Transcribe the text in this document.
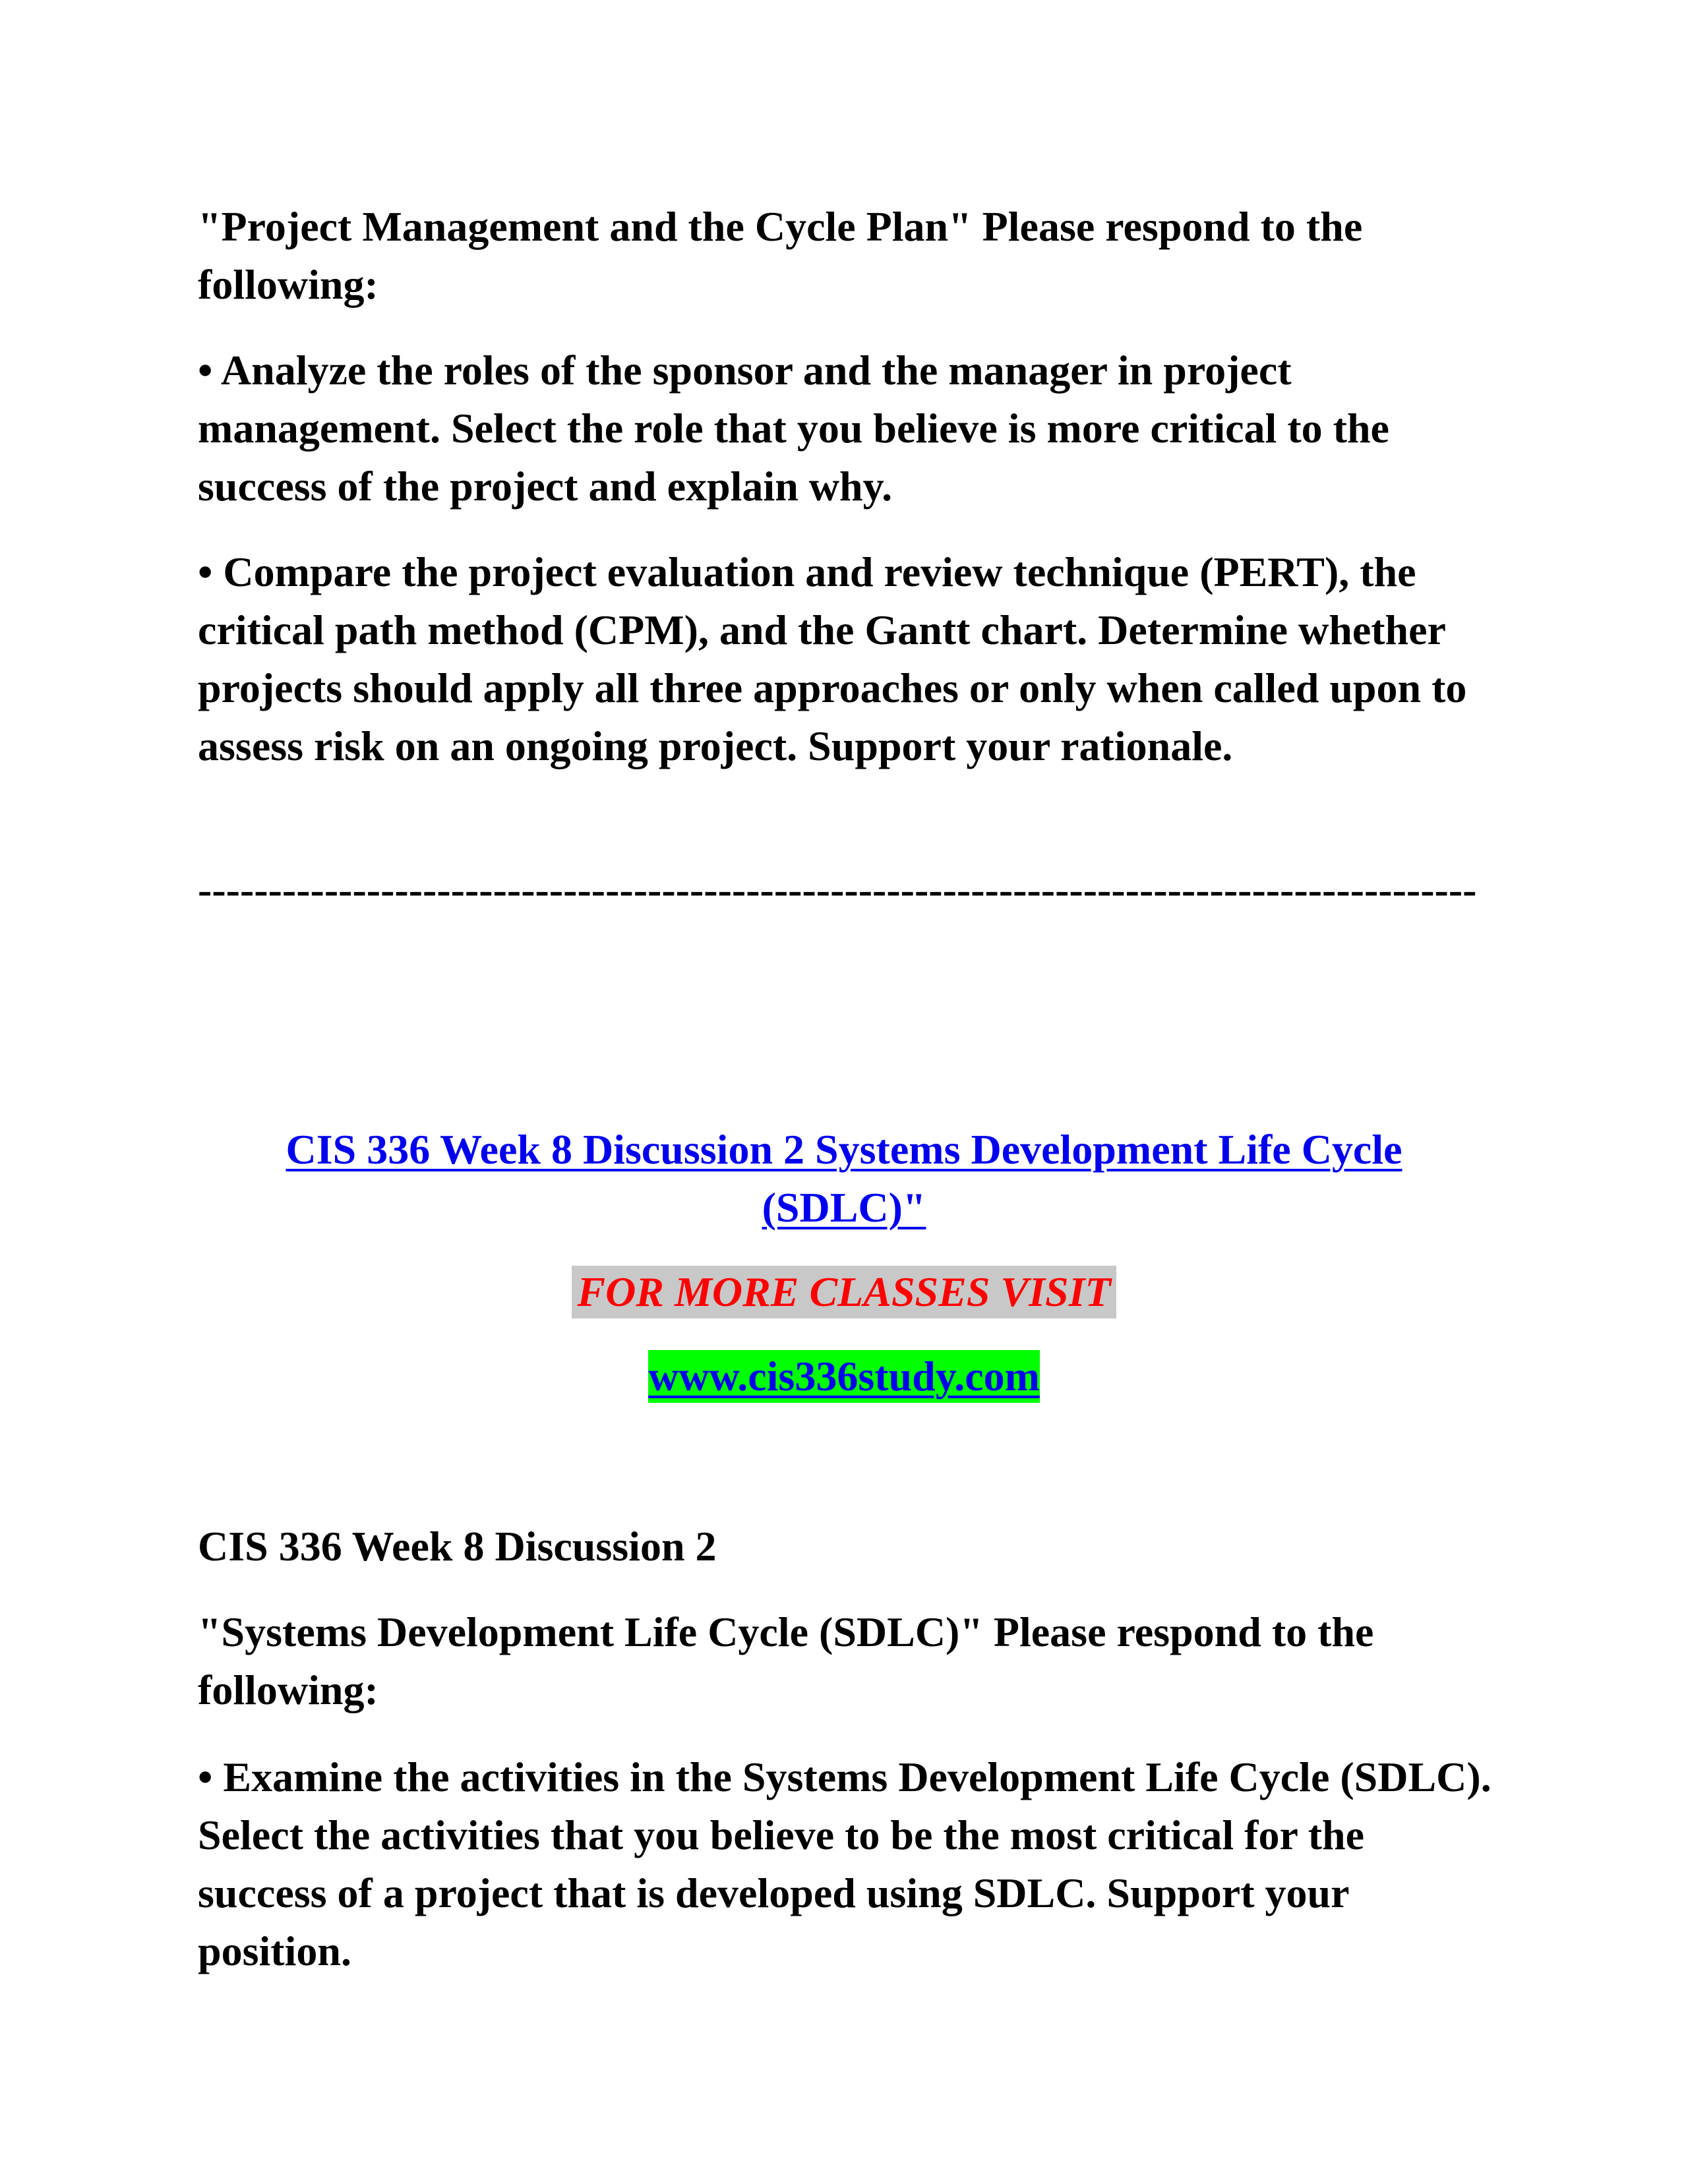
"Project Management and the Cycle Plan" Please respond to the following:

• Analyze the roles of the sponsor and the manager in project management. Select the role that you believe is more critical to the success of the project and explain why.

• Compare the project evaluation and review technique (PERT), the critical path method (CPM), and the Gantt chart. Determine whether projects should apply all three approaches or only when called upon to assess risk on an ongoing project. Support your rationale.

-------------------------------------------------------------------------------------------

CIS 336 Week 8 Discussion 2 Systems Development Life Cycle (SDLC)"

FOR MORE CLASSES VISIT
www.cis336study.com

CIS 336 Week 8 Discussion 2

"Systems Development Life Cycle (SDLC)" Please respond to the following:

• Examine the activities in the Systems Development Life Cycle (SDLC). Select the activities that you believe to be the most critical for the success of a project that is developed using SDLC. Support your position.
